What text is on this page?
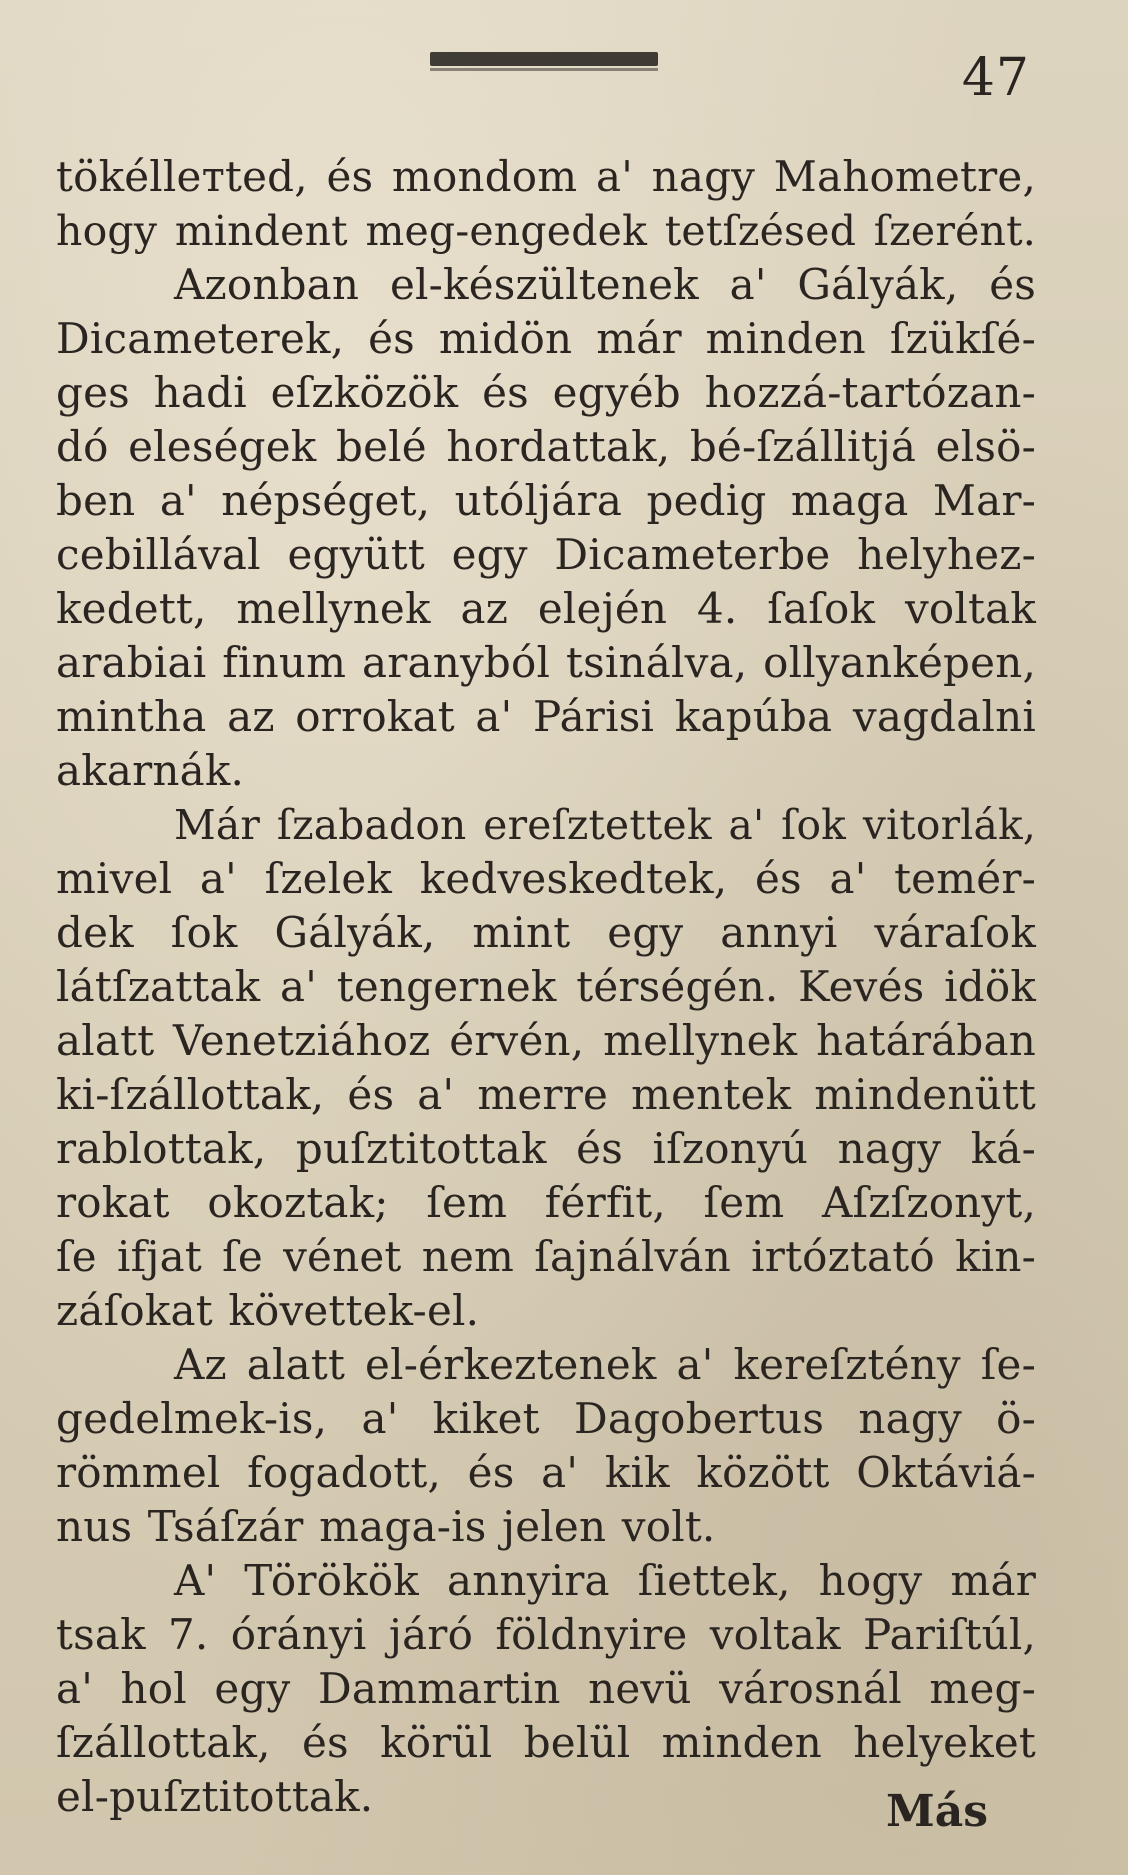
47
tökéllетted, és mondom a' nagy Mahometre,
hogy mindent meg-engedek tetſzésed ſzerént.
Azonban el-készültenek a' Gályák, és
Dicameterek, és midön már minden ſzükſé-
ges hadi eſzközök és egyéb hozzá-tartózan-
dó eleségek belé hordattak, bé-ſzállitjá elsö-
ben a' népséget, utóljára pedig maga Mar-
cebillával együtt egy Dicameterbe helyhez-
kedett, mellynek az elején 4. ſaſok voltak
arabiai finum aranyból tsinálva, ollyanképen,
mintha az orrokat a' Párisi kapúba vagdalni
akarnák.
Már ſzabadon ereſztettek a' ſok vitorlák,
mivel a' ſzelek kedveskedtek, és a' temér-
dek ſok Gályák, mint egy annyi váraſok
látſzattak a' tengernek térségén. Kevés idök
alatt Venetziához érvén, mellynek határában
ki-ſzállottak, és a' merre mentek mindenütt
rablottak, puſztitottak és iſzonyú nagy ká-
rokat okoztak; ſem férfit, ſem Aſzſzonyt,
ſe ifjat ſe vénet nem ſajnálván irtóztató kin-
záſokat követtek-el.
Az alatt el-érkeztenek a' kereſztény ſe-
gedelmek-is, a' kiket Dagobertus nagy ö-
römmel fogadott, és a' kik között Oktáviá-
nus Tsáſzár maga-is jelen volt.
A' Törökök annyira ſiettek, hogy már
tsak 7. órányi járó földnyire voltak Pariſtúl,
a' hol egy Dammartin nevü városnál meg-
ſzállottak, és körül belül minden helyeket
el-puſztitottak.	Más
